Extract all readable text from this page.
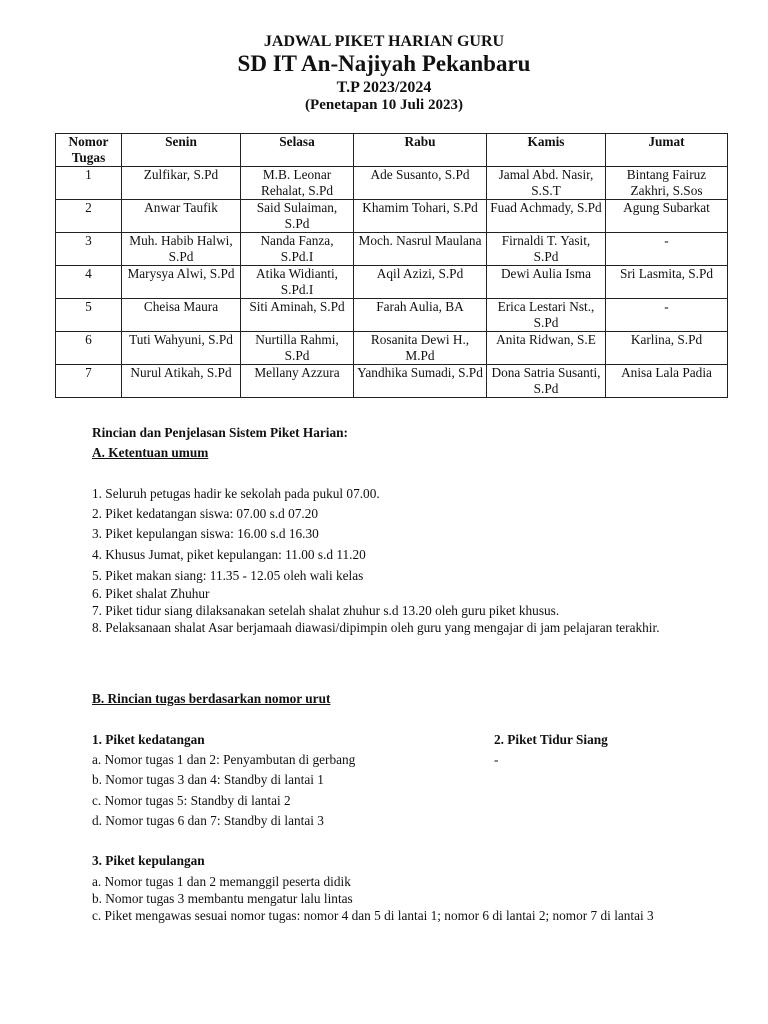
JADWAL PIKET HARIAN GURU
SD IT An-Najiyah Pekanbaru
T.P 2023/2024
(Penetapan 10 Juli 2023)
Nomor Tugas	Senin	Selasa	Rabu	Kamis	Jumat
1	Zulfikar, S.Pd	M.B. Leonar Rehalat, S.Pd	Ade Susanto, S.Pd	Jamal Abd. Nasir, S.S.T	Bintang Fairuz Zakhri, S.Sos
2	Anwar Taufik	Said Sulaiman, S.Pd	Khamim Tohari, S.Pd	Fuad Achmady, S.Pd	Agung Subarkat
3	Muh. Habib Halwi, S.Pd	Nanda Fanza, S.Pd.I	Moch. Nasrul Maulana	Firnaldi T. Yasit, S.Pd	-
4	Marysya Alwi, S.Pd	Atika Widianti, S.Pd.I	Aqil Azizi, S.Pd	Dewi Aulia Isma	Sri Lasmita, S.Pd
5	Cheisa Maura	Siti Aminah, S.Pd	Farah Aulia, BA	Erica Lestari Nst., S.Pd	-
6	Tuti Wahyuni, S.Pd	Nurtilla Rahmi, S.Pd	Rosanita Dewi H., M.Pd	Anita Ridwan, S.E	Karlina, S.Pd
7	Nurul Atikah, S.Pd	Mellany Azzura	Yandhika Sumadi, S.Pd	Dona Satria Susanti, S.Pd	Anisa Lala Padia
Rincian dan Penjelasan Sistem Piket Harian:
A. Ketentuan umum
1. Seluruh petugas hadir ke sekolah pada pukul 07.00.
2. Piket kedatangan siswa: 07.00 s.d 07.20
3. Piket kepulangan siswa: 16.00 s.d 16.30
4. Khusus Jumat, piket kepulangan: 11.00 s.d 11.20
5. Piket makan siang: 11.35 - 12.05 oleh wali kelas
6. Piket shalat Zhuhur
7. Piket tidur siang dilaksanakan setelah shalat zhuhur s.d 13.20 oleh guru piket khusus.
8. Pelaksanaan shalat Asar berjamaah diawasi/dipimpin oleh guru yang mengajar di jam pelajaran terakhir.
B. Rincian tugas berdasarkan nomor urut
1. Piket kedatangan	2. Piket Tidur Siang
a. Nomor tugas 1 dan 2: Penyambutan di gerbang	-
b. Nomor tugas 3 dan 4: Standby di lantai 1
c. Nomor tugas 5: Standby di lantai 2
d. Nomor tugas 6 dan 7: Standby di lantai 3
3. Piket kepulangan
a. Nomor tugas 1 dan 2 memanggil peserta didik
b. Nomor tugas 3 membantu mengatur lalu lintas
c. Piket mengawas sesuai nomor tugas: nomor 4 dan 5 di lantai 1; nomor 6 di lantai 2; nomor 7 di lantai 3
